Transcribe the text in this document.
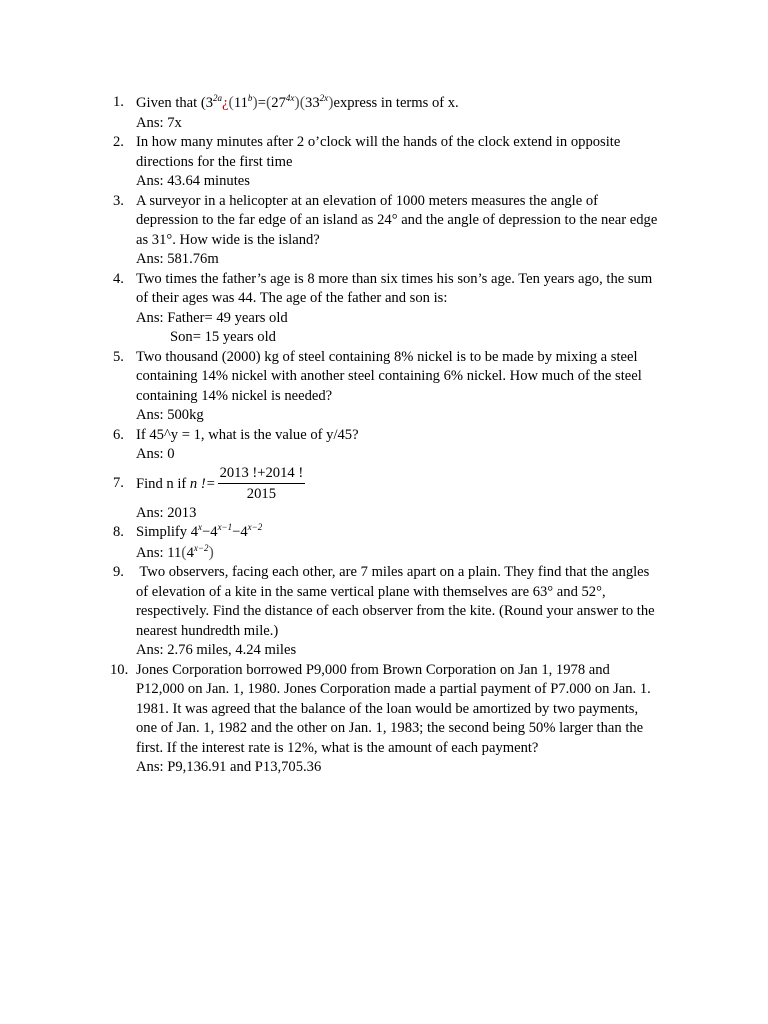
1. Given that ($3^{2a}¿(11^b)=(27^{4x})(33^{2x})express$ in terms of x.
Ans: 7x
2. In how many minutes after 2 o’clock will the hands of the clock extend in opposite
directions for the first time
Ans: 43.64 minutes
3. A surveyor in a helicopter at an elevation of 1000 meters measures the angle of
depression to the far edge of an island as 24° and the angle of depression to the near edge
as 31°. How wide is the island?
Ans: 581.76m
4. Two times the father’s age is 8 more than six times his son’s age. Ten years ago, the sum
of their ages was 44. The age of the father and son is:
Ans: Father= 49 years old
Son= 15 years old
5. Two thousand (2000) kg of steel containing 8% nickel is to be made by mixing a steel
containing 14% nickel with another steel containing 6% nickel. How much of the steel
containing 14% nickel is needed?
Ans: 500kg
6. If 45^y = 1, what is the value of y/45?
Ans: 0
7. Find n if n != $\frac{2013 !+2014 !}{2015}$
Ans: 2013
8. Simplify $4^x-4^{x-1}-4^{x-2}$
Ans: $11(4^{x-2})$
9. Two observers, facing each other, are 7 miles apart on a plain. They find that the angles
of elevation of a kite in the same vertical plane with themselves are 63° and 52°,
respectively. Find the distance of each observer from the kite. (Round your answer to the
nearest hundredth mile.)
Ans: 2.76 miles, 4.24 miles
10. Jones Corporation borrowed P9,000 from Brown Corporation on Jan 1, 1978 and
P12,000 on Jan. 1, 1980. Jones Corporation made a partial payment of P7.000 on Jan. 1.
1981. It was agreed that the balance of the loan would be amortized by two payments,
one of Jan. 1, 1982 and the other on Jan. 1, 1983; the second being 50% larger than the
first. If the interest rate is 12%, what is the amount of each payment?
Ans: P9,136.91 and P13,705.36
